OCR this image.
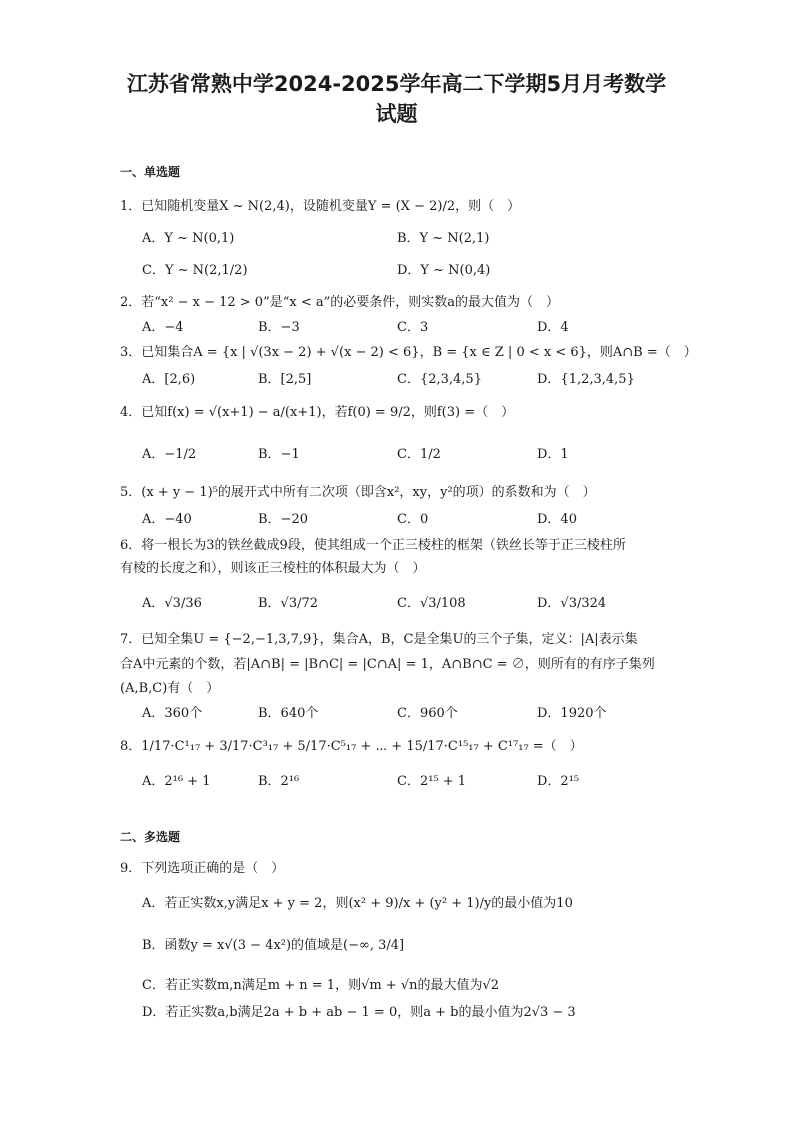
江苏省常熟中学2024-2025学年高二下学期5月月考数学
试题
一、单选题
1．已知随机变量X ~ N(2,4)，设随机变量Y = (X − 2)/2，则（　）
A．Y ~ N(0,1)	B．Y ~ N(2,1)
C．Y ~ N(2,1/2)	D．Y ~ N(0,4)
2．若“x² − x − 12 > 0”是“x < a”的必要条件，则实数a的最大值为（　）
A．−4	B．−3	C．3	D．4
3．已知集合A = {x | √(3x − 2) + √(x − 2) < 6}，B = {x ∈ Z | 0 < x < 6}，则A∩B =（　）
A．[2,6)	B．[2,5]	C．{2,3,4,5}	D．{1,2,3,4,5}
4．已知f(x) = √(x+1) − a/(x+1)，若f(0) = 9/2，则f(3) =（　）
A．−1/2	B．−1	C．1/2	D．1
5．(x + y − 1)⁵的展开式中所有二次项（即含x²，xy，y²的项）的系数和为（　）
A．−40	B．−20	C．0	D．40
6．将一根长为3的铁丝截成9段，使其组成一个正三棱柱的框架（铁丝长等于正三棱柱所
有棱的长度之和），则该正三棱柱的体积最大为（　）
A．√3/36	B．√3/72	C．√3/108	D．√3/324
7．已知全集U = {−2,−1,3,7,9}，集合A，B，C是全集U的三个子集，定义：|A|表示集
合A中元素的个数，若|A∩B| = |B∩C| = |C∩A| = 1，A∩B∩C = ∅，则所有的有序子集列
(A,B,C)有（　）
A．360个	B．640个	C．960个	D．1920个
8．1/17·C¹₁₇ + 3/17·C³₁₇ + 5/17·C⁵₁₇ + ⋯ + 15/17·C¹⁵₁₇ + C¹⁷₁₇ =（　）
A．2¹⁶ + 1	B．2¹⁶	C．2¹⁵ + 1	D．2¹⁵
二、多选题
9．下列选项正确的是（　）
A．若正实数x,y满足x + y = 2，则(x² + 9)/x + (y² + 1)/y的最小值为10
B．函数y = x√(3 − 4x²)的值域是(−∞, 3/4]
C．若正实数m,n满足m + n = 1，则√m + √n的最大值为√2
D．若正实数a,b满足2a + b + ab − 1 = 0，则a + b的最小值为2√3 − 3
